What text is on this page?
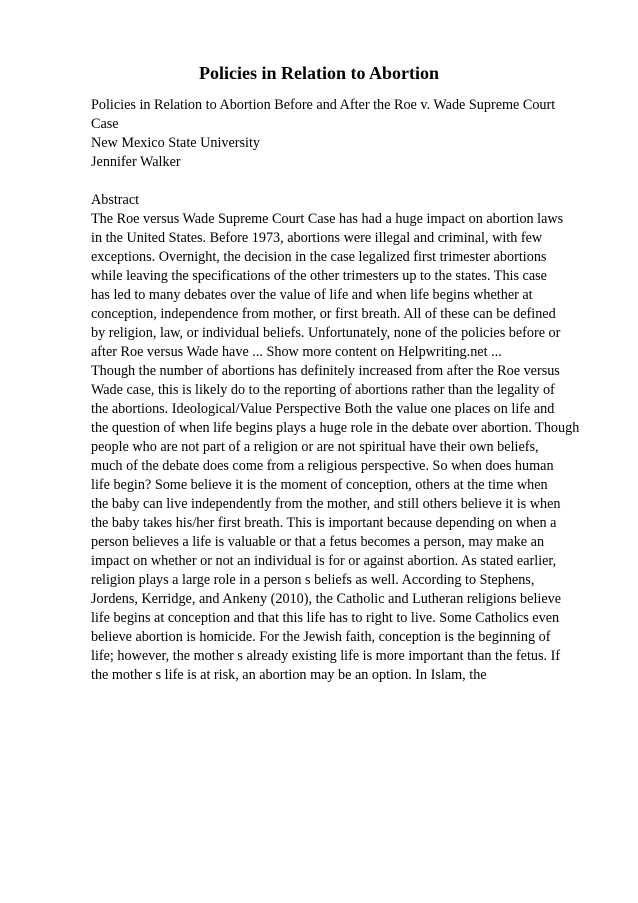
Policies in Relation to Abortion
Policies in Relation to Abortion Before and After the Roe v. Wade Supreme Court
Case
New Mexico State University
Jennifer Walker
Abstract
The Roe versus Wade Supreme Court Case has had a huge impact on abortion laws
in the United States. Before 1973, abortions were illegal and criminal, with few
exceptions. Overnight, the decision in the case legalized first trimester abortions
while leaving the specifications of the other trimesters up to the states. This case
has led to many debates over the value of life and when life begins whether at
conception, independence from mother, or first breath. All of these can be defined
by religion, law, or individual beliefs. Unfortunately, none of the policies before or
after Roe versus Wade have ... Show more content on Helpwriting.net ...
Though the number of abortions has definitely increased from after the Roe versus
Wade case, this is likely do to the reporting of abortions rather than the legality of
the abortions. Ideological/Value Perspective Both the value one places on life and
the question of when life begins plays a huge role in the debate over abortion. Though
people who are not part of a religion or are not spiritual have their own beliefs,
much of the debate does come from a religious perspective. So when does human
life begin? Some believe it is the moment of conception, others at the time when
the baby can live independently from the mother, and still others believe it is when
the baby takes his/her first breath. This is important because depending on when a
person believes a life is valuable or that a fetus becomes a person, may make an
impact on whether or not an individual is for or against abortion. As stated earlier,
religion plays a large role in a person s beliefs as well. According to Stephens,
Jordens, Kerridge, and Ankeny (2010), the Catholic and Lutheran religions believe
life begins at conception and that this life has to right to live. Some Catholics even
believe abortion is homicide. For the Jewish faith, conception is the beginning of
life; however, the mother s already existing life is more important than the fetus. If
the mother s life is at risk, an abortion may be an option. In Islam, the
